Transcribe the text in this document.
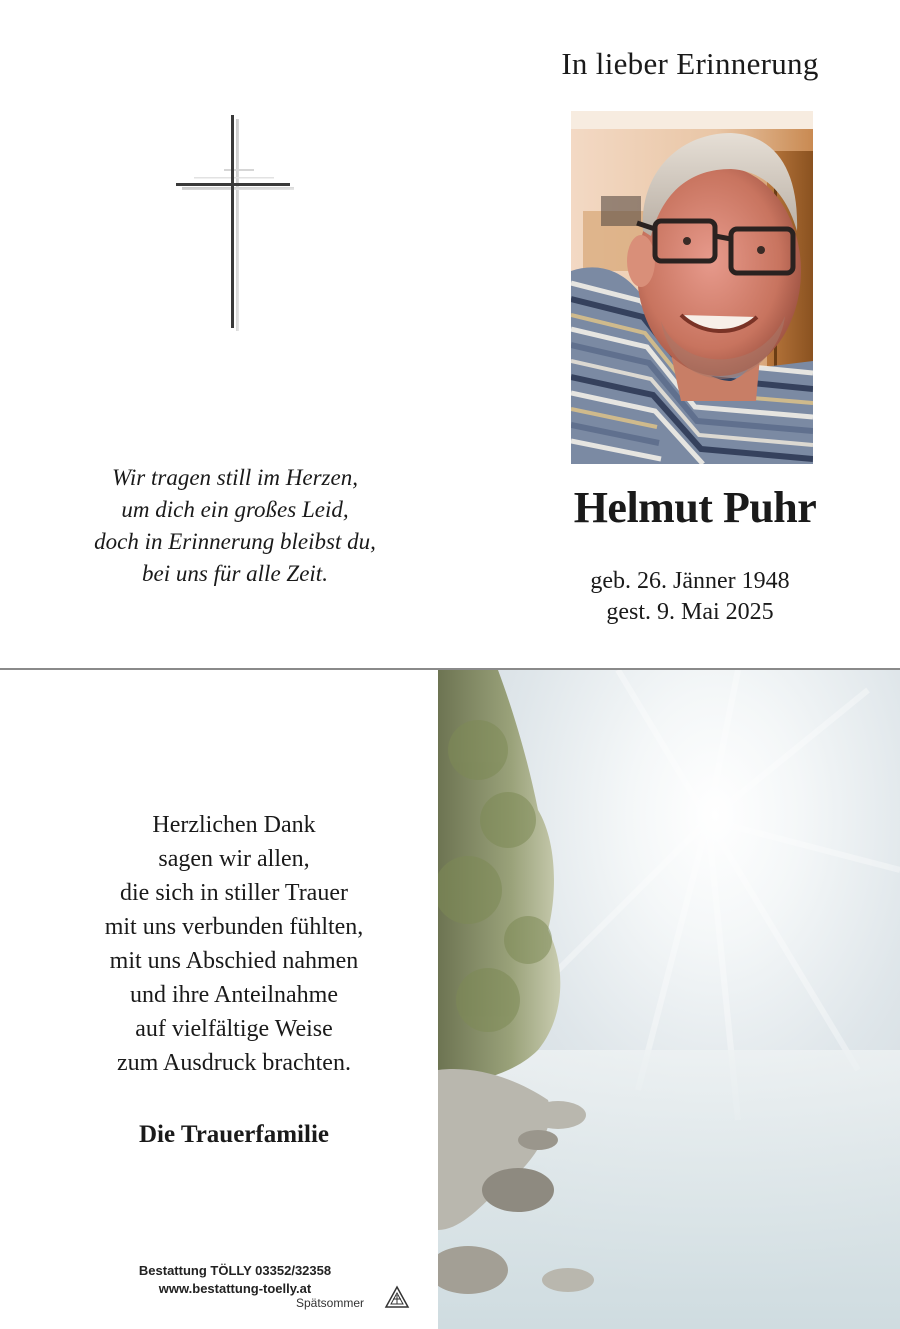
Wir tragen still im Herzen,
um dich ein großes Leid,
doch in Erinnerung bleibst du,
bei uns für alle Zeit.
In lieber Erinnerung
Helmut Puhr
geb. 26. Jänner 1948
gest. 9. Mai 2025
Herzlichen Dank
sagen wir allen,
die sich in stiller Trauer
mit uns verbunden fühlten,
mit uns Abschied nahmen
und ihre Anteilnahme
auf vielfältige Weise
zum Ausdruck brachten.
Die Trauerfamilie
Bestattung TÖLLY 03352/32358
www.bestattung-toelly.at
Spätsommer
